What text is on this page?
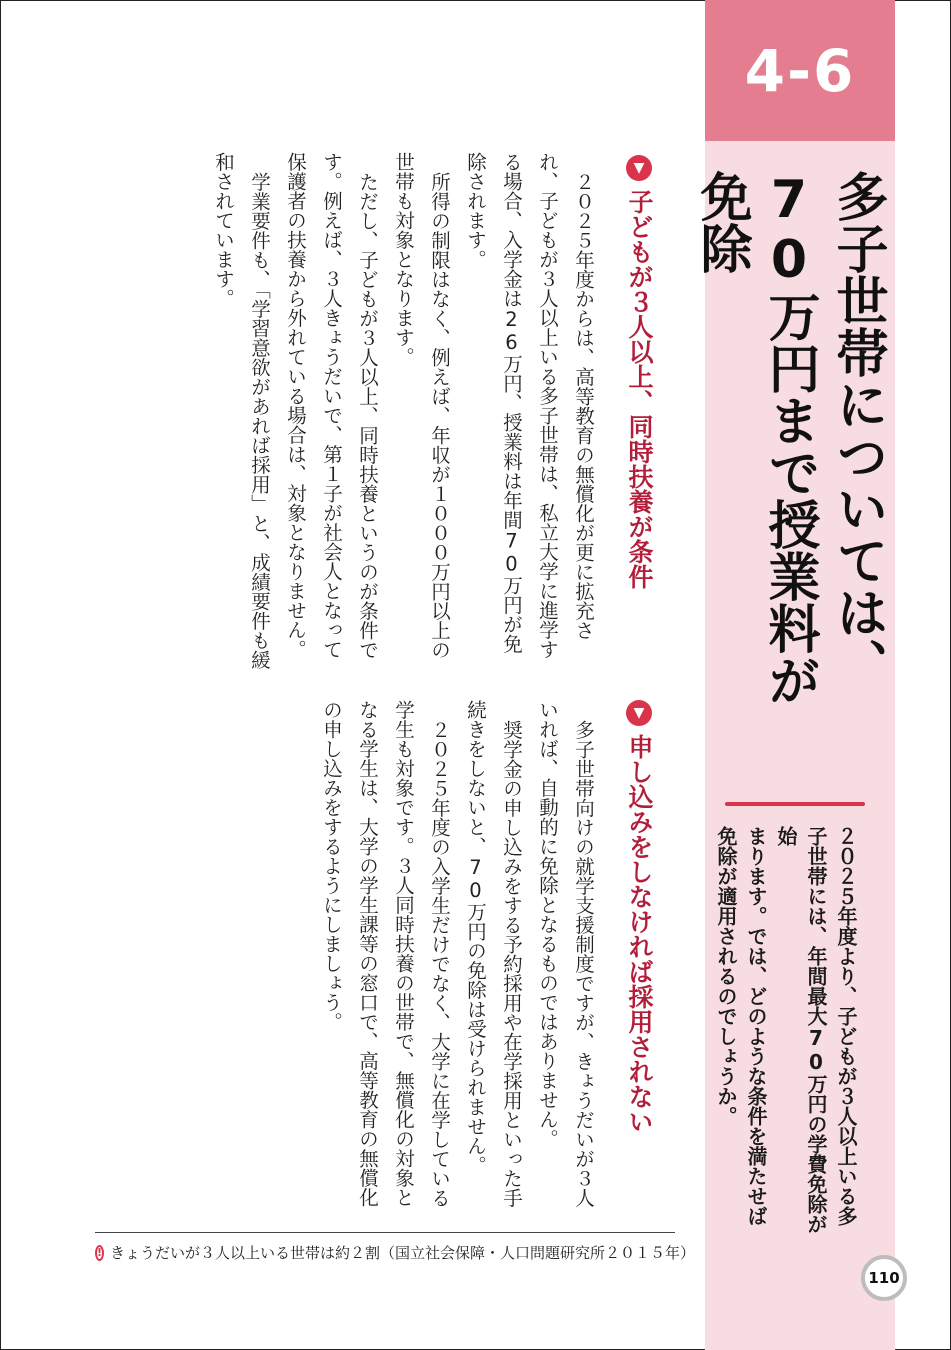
4-6
多子世帯については、
70万円まで授業料が免除
２０２５年度より、子どもが３人以上いる多
子世帯には、年間最大70万円の学費免除が始
まります。では、どのような条件を満たせば
免除が適用されるのでしょうか。
▼
子どもが３人以上、同時扶養が条件

２０２５年度からは、高等教育の無償化が更に拡充され、子どもが３人以上いる多子世帯は、私立大学に進学する場合、入学金は26万円、授業料は年間70万円が免除されます。

所得の制限はなく、例えば、年収が１０００万円以上の世帯も対象となります。

ただし、子どもが３人以上、同時扶養というのが条件です。例えば、３人きょうだいで、第１子が社会人となって保護者の扶養から外れている場合は、対象となりません。

学業要件も、「学習意欲があれば採用」と、成績要件も緩和されています。

▼
申し込みをしなければ採用されない

多子世帯向けの就学支援制度ですが、きょうだいが３人いれば、自動的に免除となるものではありません。

奨学金の申し込みをする予約採用や在学採用といった手続きをしないと、70万円の免除は受けられません。

２０２５年度の入学生だけでなく、大学に在学している学生も対象です。３人同時扶養の世帯で、無償化の対象となる学生は、大学の学生課等の窓口で、高等教育の無償化の申し込みをするようにしましょう。

! きょうだいが３人以上いる世帯は約２割（国立社会保障・人口問題研究所２０１５年）
110
